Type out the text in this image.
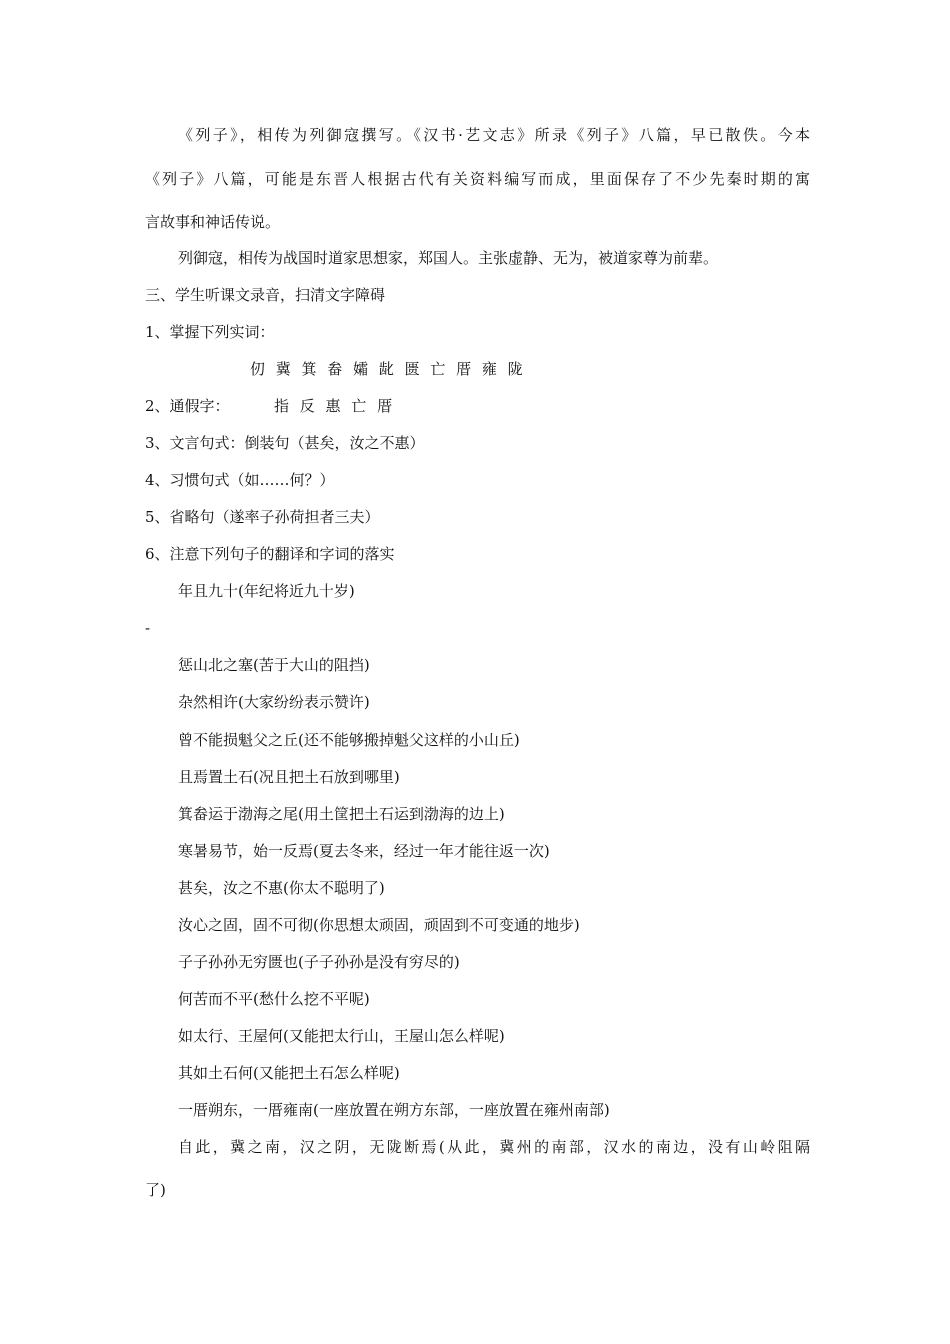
《列子》，相传为列御寇撰写。《汉书·艺文志》所录《列子》八篇，早已散佚。今本
《列子》八篇，可能是东晋人根据古代有关资料编写而成，里面保存了不少先秦时期的寓
言故事和神话传说。
列御寇，相传为战国时道家思想家，郑国人。主张虚静、无为，被道家尊为前辈。
三、学生听课文录音，扫清文字障碍
1、掌握下列实词：
仞 冀 箕 畚 孀 龀 匮 亡 厝 雍 陇
2、通假字：	指 反 惠 亡 厝
3、文言句式：倒装句（甚矣，汝之不惠）
4、习惯句式（如……何？）
5、省略句（遂率子孙荷担者三夫）
6、注意下列句子的翻译和字词的落实
年且九十(年纪将近九十岁)
-
惩山北之塞(苦于大山的阻挡)
杂然相许(大家纷纷表示赞许)
曾不能损魁父之丘(还不能够搬掉魁父这样的小山丘)
且焉置土石(况且把土石放到哪里)
箕畚运于渤海之尾(用土筐把土石运到渤海的边上)
寒暑易节，始一反焉(夏去冬来，经过一年才能往返一次)
甚矣，汝之不惠(你太不聪明了)
汝心之固，固不可彻(你思想太顽固，顽固到不可变通的地步)
子子孙孙无穷匮也(子子孙孙是没有穷尽的)
何苦而不平(愁什么挖不平呢)
如太行、王屋何(又能把太行山，王屋山怎么样呢)
其如土石何(又能把土石怎么样呢)
一厝朔东，一厝雍南(一座放置在朔方东部，一座放置在雍州南部)
自此，冀之南，汉之阴，无陇断焉(从此，冀州的南部，汉水的南边，没有山岭阻隔
了)
